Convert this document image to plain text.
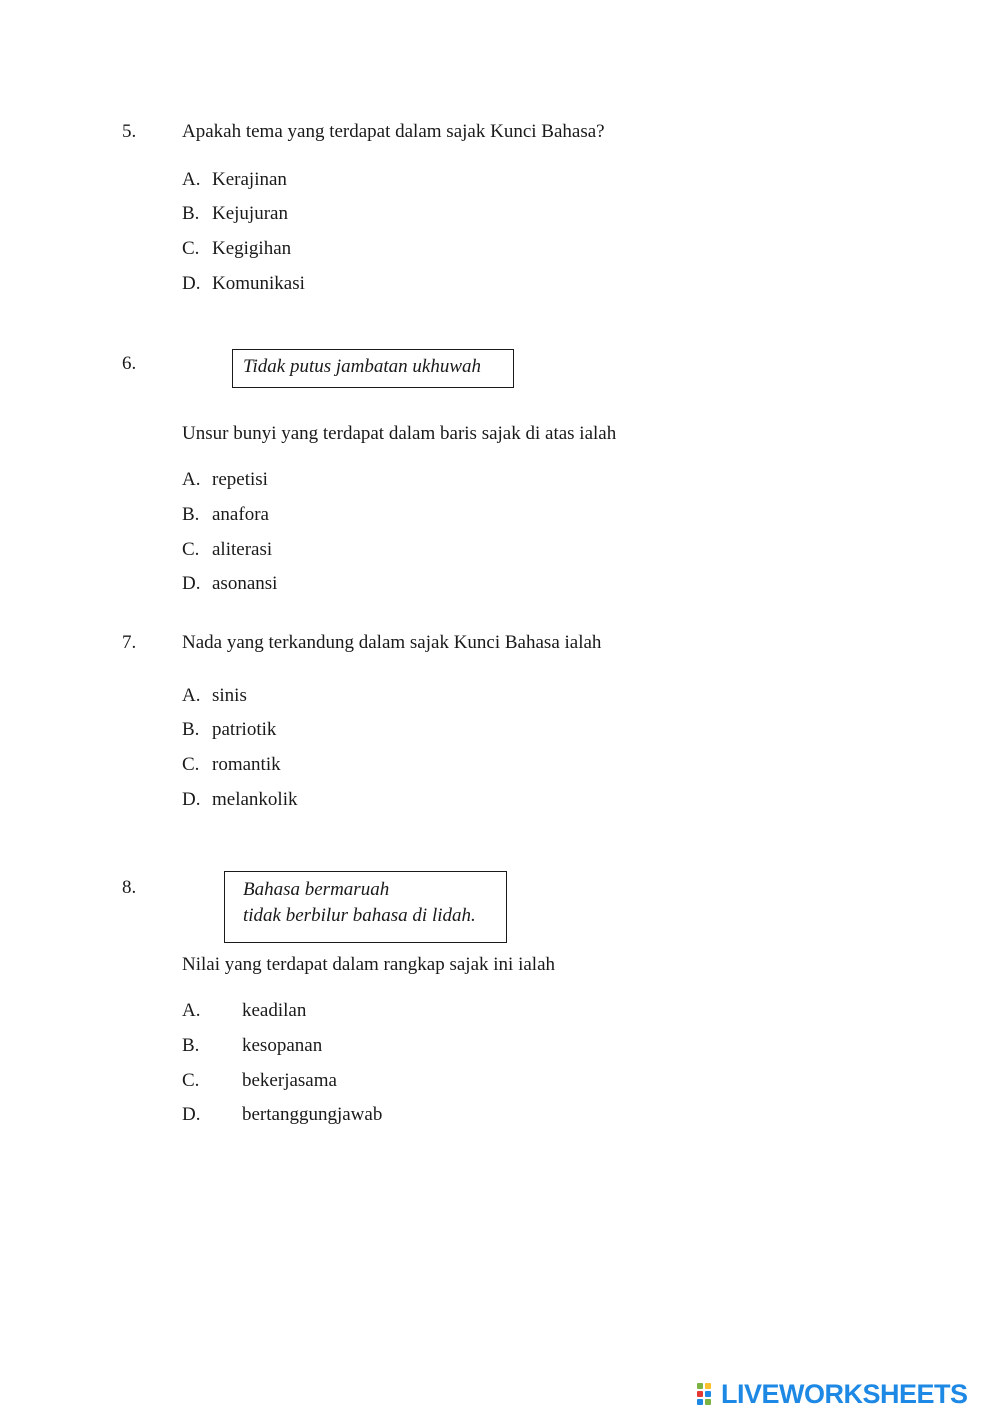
5. Apakah tema yang terdapat dalam sajak Kunci Bahasa?
A. Kerajinan
B. Kejujuran
C. Kegigihan
D. Komunikasi
6.	Tidak putus jambatan ukhuwah
Unsur bunyi yang terdapat dalam baris sajak di atas ialah
A. repetisi
B. anafora
C. aliterasi
D. asonansi
7. Nada yang terkandung dalam sajak Kunci Bahasa ialah
A. sinis
B. patriotik
C. romantik
D. melankolik
8.	Bahasa bermaruah
tidak berbilur bahasa di lidah.
Nilai yang terdapat dalam rangkap sajak ini ialah
A. keadilan
B. kesopanan
C. bekerjasama
D. bertanggungjawab
LIVEWORKSHEETS
